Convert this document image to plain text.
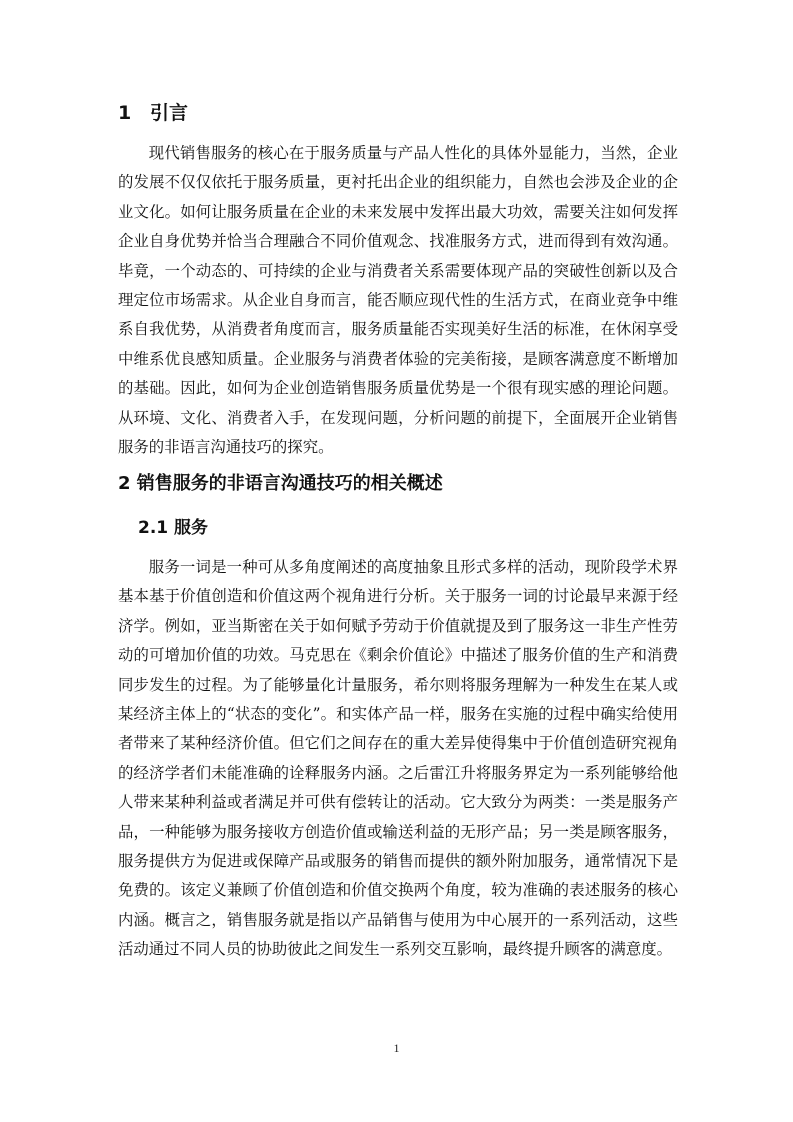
1 引言

现代销售服务的核心在于服务质量与产品人性化的具体外显能力，当然，企业的发展不仅仅依托于服务质量，更衬托出企业的组织能力，自然也会涉及企业的企业文化。如何让服务质量在企业的未来发展中发挥出最大功效，需要关注如何发挥企业自身优势并恰当合理融合不同价值观念、找准服务方式，进而得到有效沟通。毕竟，一个动态的、可持续的企业与消费者关系需要体现产品的突破性创新以及合理定位市场需求。从企业自身而言，能否顺应现代性的生活方式，在商业竞争中维系自我优势，从消费者角度而言，服务质量能否实现美好生活的标准，在休闲享受中维系优良感知质量。企业服务与消费者体验的完美衔接，是顾客满意度不断增加的基础。因此，如何为企业创造销售服务质量优势是一个很有现实感的理论问题。从环境、文化、消费者入手，在发现问题，分析问题的前提下，全面展开企业销售服务的非语言沟通技巧的探究。

2 销售服务的非语言沟通技巧的相关概述
2.1 服务

服务一词是一种可从多角度阐述的高度抽象且形式多样的活动，现阶段学术界基本基于价值创造和价值这两个视角进行分析。关于服务一词的讨论最早来源于经济学。例如，亚当斯密在关于如何赋予劳动于价值就提及到了服务这一非生产性劳动的可增加价值的功效。马克思在《剩余价值论》中描述了服务价值的生产和消费同步发生的过程。为了能够量化计量服务，希尔则将服务理解为一种发生在某人或某经济主体上的“状态的变化”。和实体产品一样，服务在实施的过程中确实给使用者带来了某种经济价值。但它们之间存在的重大差异使得集中于价值创造研究视角的经济学者们未能准确的诠释服务内涵。之后雷江升将服务界定为一系列能够给他人带来某种利益或者满足并可供有偿转让的活动。它大致分为两类：一类是服务产品，一种能够为服务接收方创造价值或输送利益的无形产品；另一类是顾客服务，服务提供方为促进或保障产品或服务的销售而提供的额外附加服务，通常情况下是免费的。该定义兼顾了价值创造和价值交换两个角度，较为准确的表述服务的核心内涵。概言之，销售服务就是指以产品销售与使用为中心展开的一系列活动，这些活动通过不同人员的协助彼此之间发生一系列交互影响，最终提升顾客的满意度。

1
